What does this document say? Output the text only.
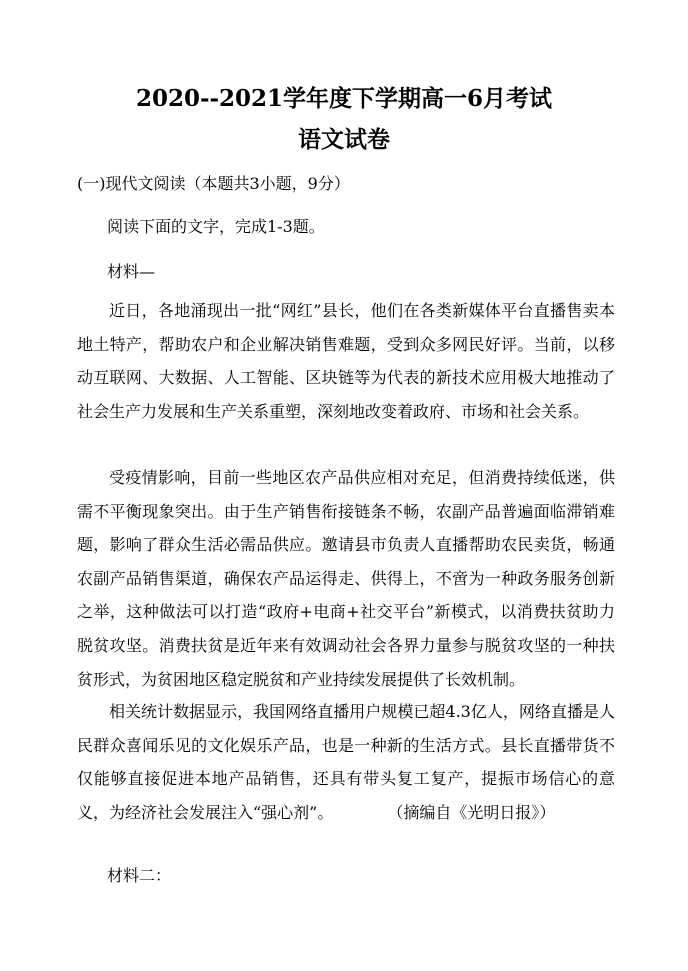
2020--2021学年度下学期高一6月考试
语文试卷
(一)现代文阅读（本题共3小题，9分）
阅读下面的文字，完成1-3题。
材料—
近日，各地涌现出一批“网红”县长，他们在各类新媒体平台直播售卖本地土特产，帮助农户和企业解决销售难题，受到众多网民好评。当前，以移动互联网、大数据、人工智能、区块链等为代表的新技术应用极大地推动了社会生产力发展和生产关系重塑，深刻地改变着政府、市场和社会关系。
受疫情影响，目前一些地区农产品供应相对充足，但消费持续低迷，供需不平衡现象突出。由于生产销售衔接链条不畅，农副产品普遍面临滞销难题，影响了群众生活必需品供应。邀请县市负责人直播帮助农民卖货，畅通农副产品销售渠道，确保农产品运得走、供得上，不啻为一种政务服务创新之举，这种做法可以打造“政府+电商+社交平台”新模式，以消费扶贫助力脱贫攻坚。消费扶贫是近年来有效调动社会各界力量参与脱贫攻坚的一种扶贫形式，为贫困地区稳定脱贫和产业持续发展提供了长效机制。
相关统计数据显示，我国网络直播用户规模已超4.3亿人，网络直播是人民群众喜闻乐见的文化娱乐产品，也是一种新的生活方式。县长直播带货不仅能够直接促进本地产品销售，还具有带头复工复产，提振市场信心的意义，为经济社会发展注入“强心剂”。	（摘编自《光明日报》）
材料二：
